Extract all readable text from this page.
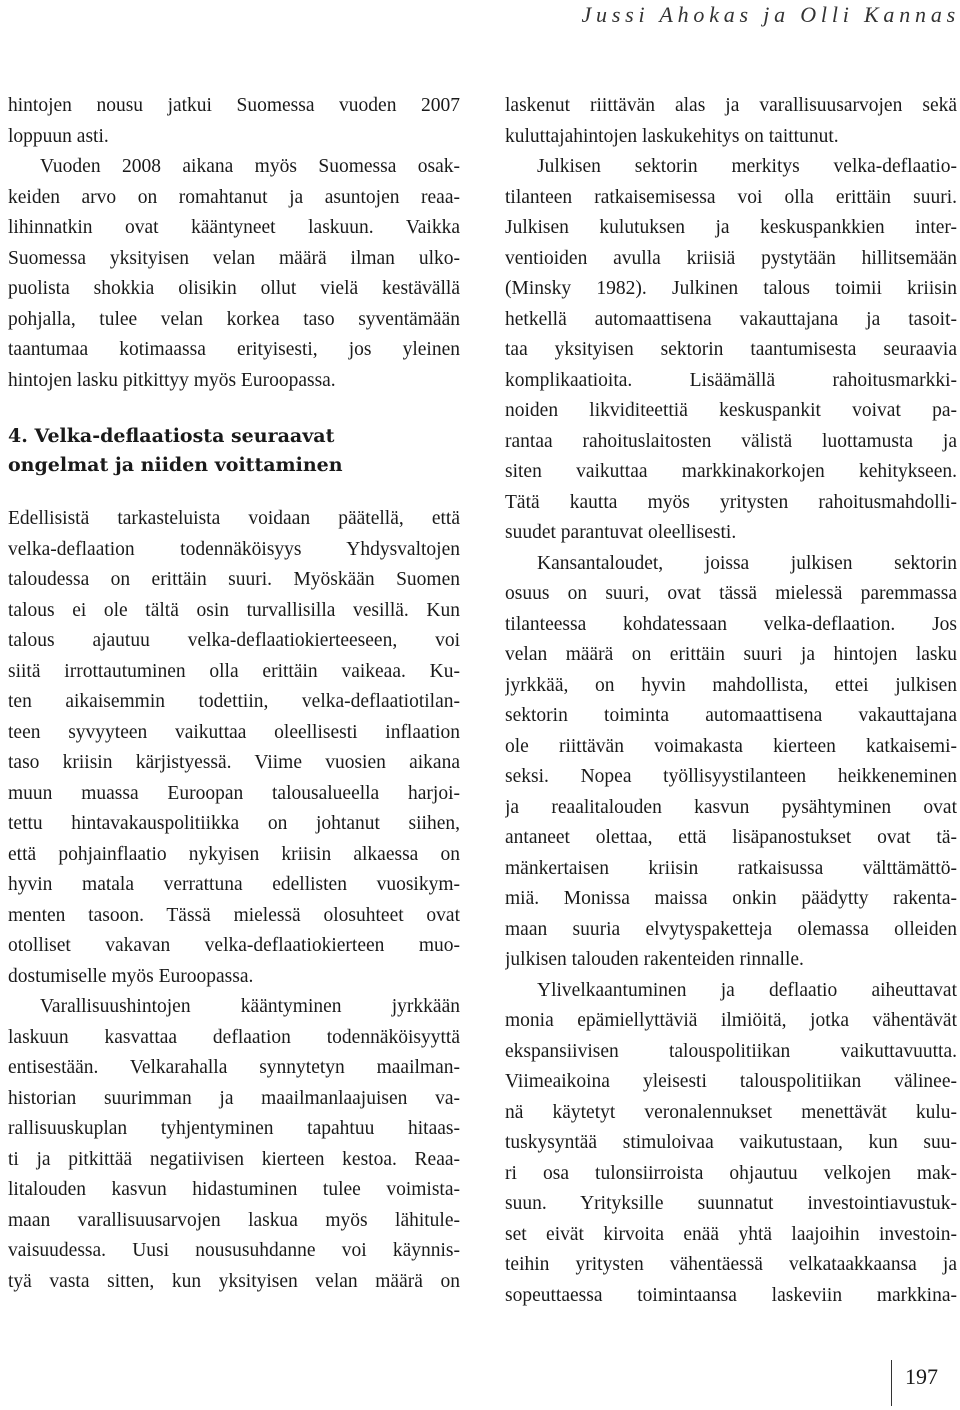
Jussi Ahokas ja Olli Kannas
hintojen nousu jatkui Suomessa vuoden 2007
loppuun asti.
Vuoden 2008 aikana myös Suomessa osak-
keiden arvo on romahtanut ja asuntojen reaa-
lihinnatkin ovat kääntyneet laskuun. Vaikka
Suomessa yksityisen velan määrä ilman ulko-
puolista shokkia olisikin ollut vielä kestävällä
pohjalla, tulee velan korkea taso syventämään
taantumaa kotimaassa erityisesti, jos yleinen
hintojen lasku pitkittyy myös Euroopassa.
4. Velka-deflaatiosta seuraavat
ongelmat ja niiden voittaminen
Edellisistä tarkasteluista voidaan päätellä, että
velka-deflaation todennäköisyys Yhdysvaltojen
taloudessa on erittäin suuri. Myöskään Suomen
talous ei ole tältä osin turvallisilla vesillä. Kun
talous ajautuu velka-deflaatiokierteeseen, voi
siitä irrottautuminen olla erittäin vaikeaa. Ku-
ten aikaisemmin todettiin, velka-deflaatiotilan-
teen syvyyteen vaikuttaa oleellisesti inflaation
taso kriisin kärjistyessä. Viime vuosien aikana
muun muassa Euroopan talousalueella harjoi-
tettu hintavakauspolitiikka on johtanut siihen,
että pohjainflaatio nykyisen kriisin alkaessa on
hyvin matala verrattuna edellisten vuosikym-
menten tasoon. Tässä mielessä olosuhteet ovat
otolliset vakavan velka-deflaatiokierteen muo-
dostumiselle myös Euroopassa.
Varallisuushintojen kääntyminen jyrkkään
laskuun kasvattaa deflaation todennäköisyyttä
entisestään. Velkarahalla synnytetyn maailman-
historian suurimman ja maailmanlaajuisen va-
rallisuuskuplan tyhjentyminen tapahtuu hitaas-
ti ja pitkittää negatiivisen kierteen kestoa. Reaa-
litalouden kasvun hidastuminen tulee voimista-
maan varallisuusarvojen laskua myös lähitule-
vaisuudessa. Uusi noususuhdanne voi käynnis-
tyä vasta sitten, kun yksityisen velan määrä on
laskenut riittävän alas ja varallisuusarvojen sekä
kuluttajahintojen laskukehitys on taittunut.
Julkisen sektorin merkitys velka-deflaatio-
tilanteen ratkaisemisessa voi olla erittäin suuri.
Julkisen kulutuksen ja keskuspankkien inter-
ventioiden avulla kriisiä pystytään hillitsemään
(Minsky 1982). Julkinen talous toimii kriisin
hetkellä automaattisena vakauttajana ja tasoit-
taa yksityisen sektorin taantumisesta seuraavia
komplikaatioita. Lisäämällä rahoitusmarkki-
noiden likviditeettiä keskuspankit voivat pa-
rantaa rahoituslaitosten välistä luottamusta ja
siten vaikuttaa markkinakorkojen kehitykseen.
Tätä kautta myös yritysten rahoitusmahdolli-
suudet parantuvat oleellisesti.
Kansantaloudet, joissa julkisen sektorin
osuus on suuri, ovat tässä mielessä paremmassa
tilanteessa kohdatessaan velka-deflaation. Jos
velan määrä on erittäin suuri ja hintojen lasku
jyrkkää, on hyvin mahdollista, ettei julkisen
sektorin toiminta automaattisena vakauttajana
ole riittävän voimakasta kierteen katkaisemi-
seksi. Nopea työllisyystilanteen heikkeneminen
ja reaalitalouden kasvun pysähtyminen ovat
antaneet olettaa, että lisäpanostukset ovat tä-
mänkertaisen kriisin ratkaisussa välttämättö-
miä. Monissa maissa onkin päädytty rakenta-
maan suuria elvytyspaketteja olemassa olleiden
julkisen talouden rakenteiden rinnalle.
Ylivelkaantuminen ja deflaatio aiheuttavat
monia epämiellyttäviä ilmiöitä, jotka vähentävät
ekspansiivisen talouspolitiikan vaikuttavuutta.
Viimeaikoina yleisesti talouspolitiikan välinee-
nä käytetyt veronalennukset menettävät kulu-
tuskysyntää stimuloivaa vaikutustaan, kun suu-
ri osa tulonsiirroista ohjautuu velkojen mak-
suun. Yrityksille suunnatut investointiavustuk-
set eivät kirvoita enää yhtä laajoihin investoin-
teihin yritysten vähentäessä velkataakkaansa ja
sopeuttaessa toimintaansa laskeviin markkina-
197
